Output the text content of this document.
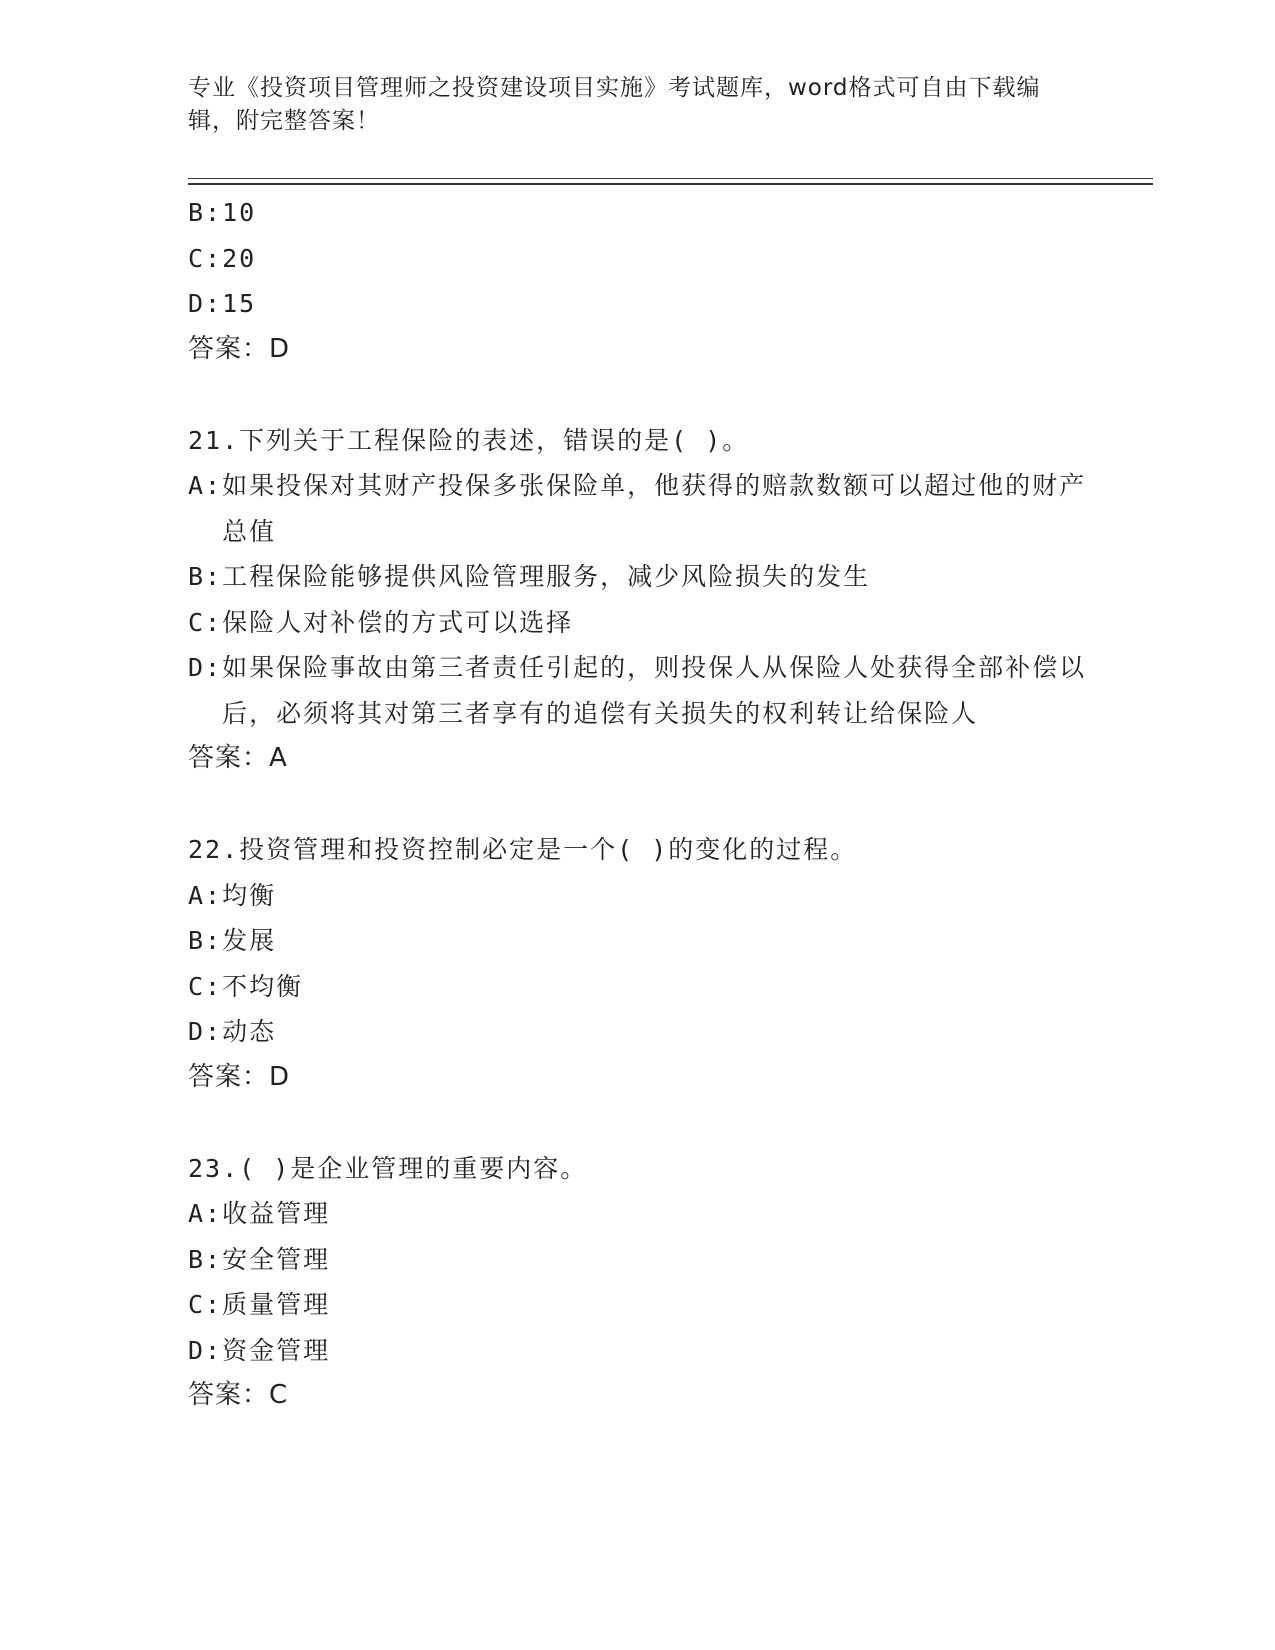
专业《投资项目管理师之投资建设项目实施》考试题库，word格式可自由下载编辑，附完整答案！
B: 10
C: 20
D: 15

答案：D

21.下列关于工程保险的表述，错误的是( )。

A: 如果投保对其财产投保多张保险单，他获得的赔款数额可以超过他的财产总值
B: 工程保险能够提供风险管理服务，减少风险损失的发生
C: 保险人对补偿的方式可以选择
D: 如果保险事故由第三者责任引起的，则投保人从保险人处获得全部补偿以后，必须将其对第三者享有的追偿有关损失的权利转让给保险人

答案：A

22.投资管理和投资控制必定是一个( )的变化的过程。

A: 均衡
B: 发展
C: 不均衡
D: 动态

答案：D

23.( )是企业管理的重要内容。

A: 收益管理
B: 安全管理
C: 质量管理
D: 资金管理

答案：C
